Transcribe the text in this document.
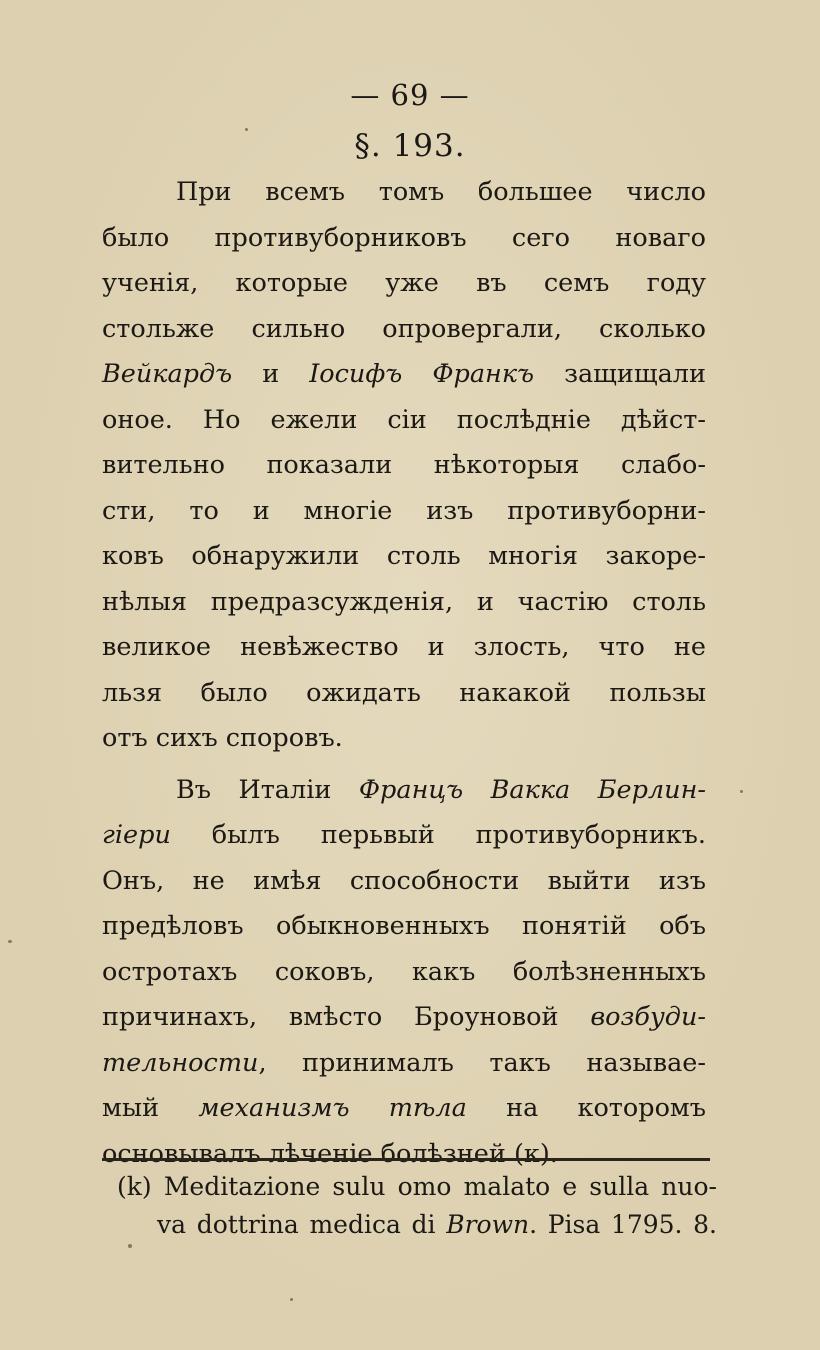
— 69 —
§. 193.
При всемъ томъ большее число
было противуборниковъ сего новаго
ученія, которые уже въ семъ году
стольже сильно опровергали, сколько
Вейкардъ и Іосифъ Франкъ защищали
оное. Но ежели сіи послѣдніе дѣйст-
вительно показали нѣкоторыя слабо-
сти, то и многіе изъ противуборни-
ковъ обнаружили столь многія закоре-
нѣлыя предразсужденія, и частію столь
великое невѣжество и злость, что не
льзя было ожидать накакой пользы
отъ сихъ споровъ.
Въ Италіи Францъ Вакка Берлин-
гіери былъ перьвый противуборникъ.
Онъ, не имѣя способности выйти изъ
предѣловъ обыкновенныхъ понятій объ
остротахъ соковъ, какъ болѣзненныхъ
причинахъ, вмѣсто Броуновой возбуди-
тельности, принималъ такъ называе-
мый механизмъ тѣла на которомъ
основывалъ лѣченіе болѣзней (к).
(k) Meditazione sulu omo malato e sulla nuo-
va dottrina medica di Brown. Pisa 1795. 8.
